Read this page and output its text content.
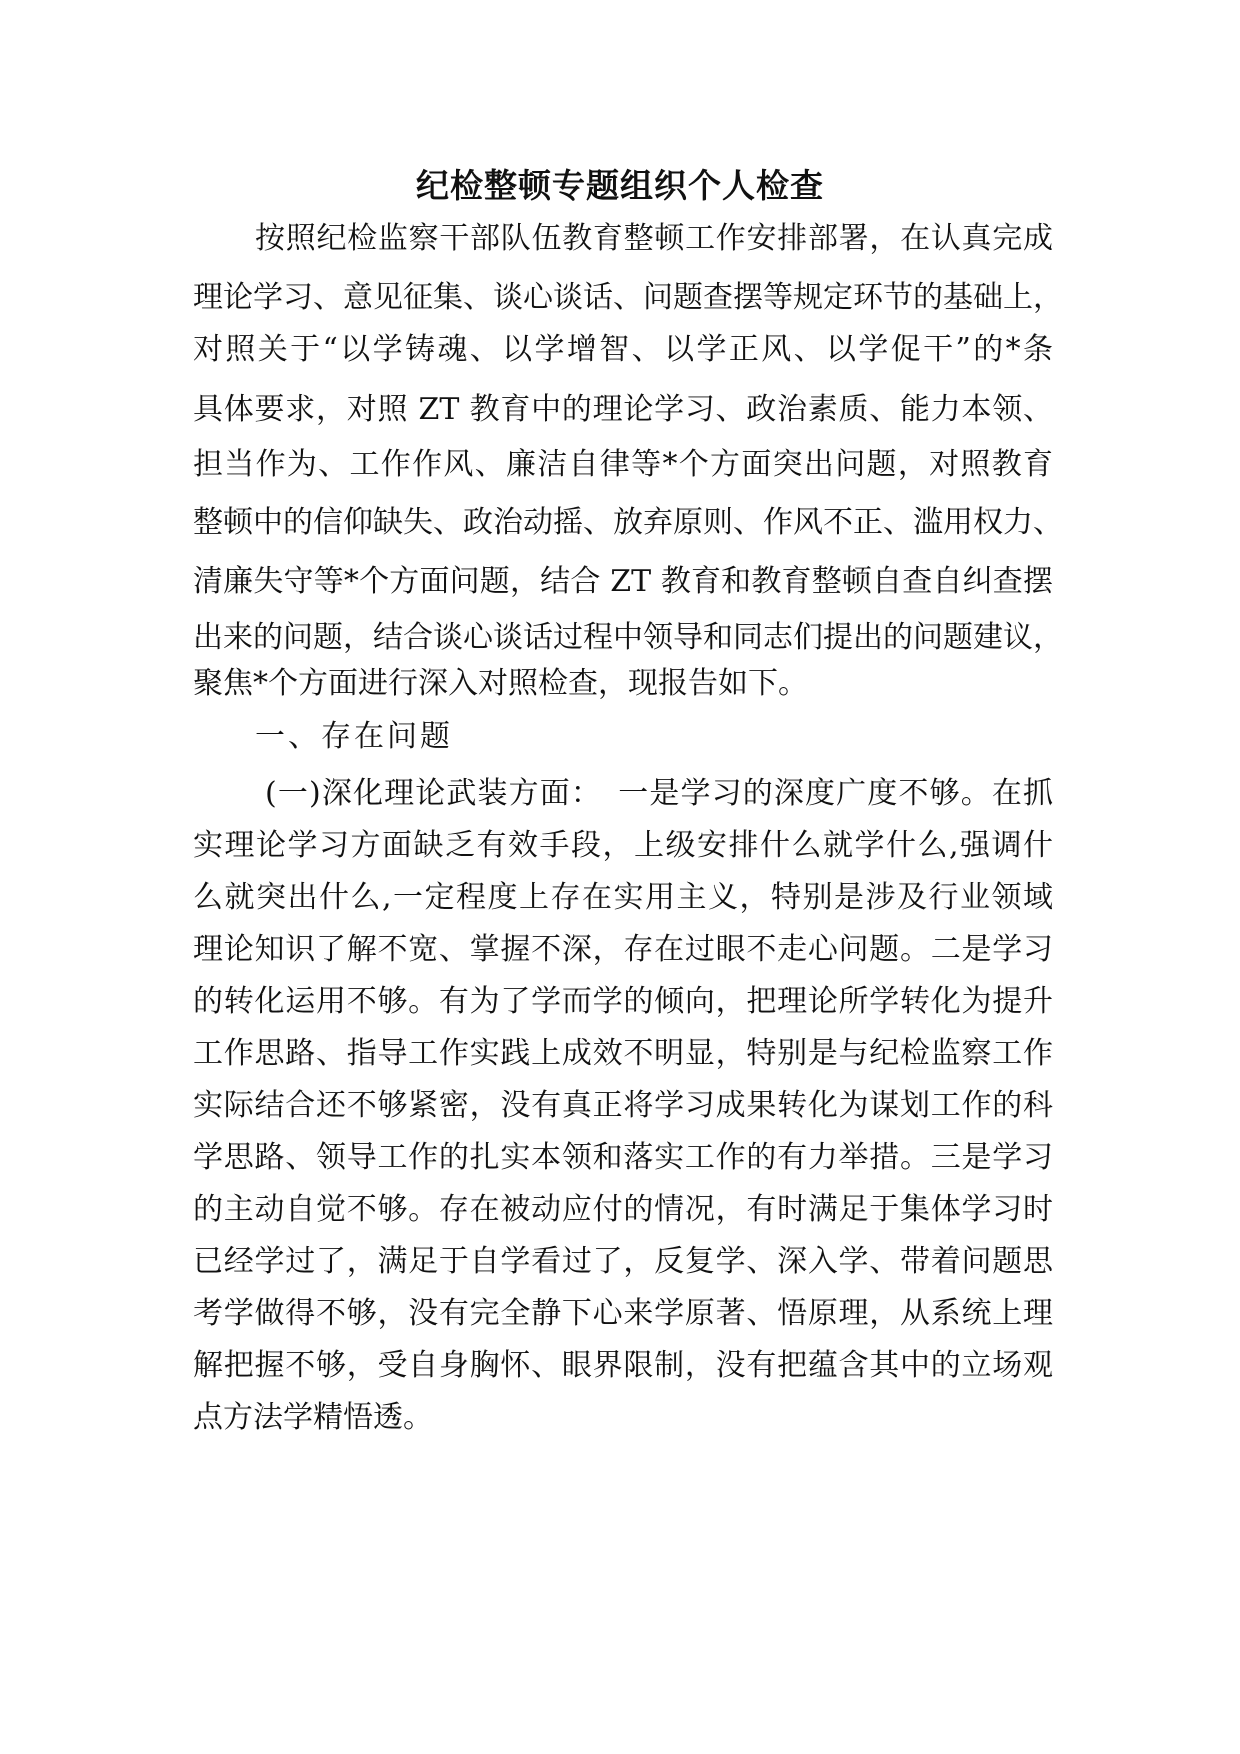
纪检整顿专题组织个人检查
按照纪检监察干部队伍教育整顿工作安排部署，在认真完成
理论学习、意见征集、谈心谈话、问题查摆等规定环节的基础上，
对照关于“以学铸魂、以学增智、以学正风、以学促干”的*条
具体要求，对照 ZT 教育中的理论学习、政治素质、能力本领、
担当作为、工作作风、廉洁自律等*个方面突出问题，对照教育
整顿中的信仰缺失、政治动摇、放弃原则、作风不正、滥用权力、
清廉失守等*个方面问题，结合 ZT 教育和教育整顿自查自纠查摆
出来的问题，结合谈心谈话过程中领导和同志们提出的问题建议，
聚焦*个方面进行深入对照检查，现报告如下。
一、存在问题
(一)深化理论武装方面：　一是学习的深度广度不够。在抓
实理论学习方面缺乏有效手段，上级安排什么就学什么,强调什
么就突出什么,一定程度上存在实用主义，特别是涉及行业领域
理论知识了解不宽、掌握不深，存在过眼不走心问题。二是学习
的转化运用不够。有为了学而学的倾向，把理论所学转化为提升
工作思路、指导工作实践上成效不明显，特别是与纪检监察工作
实际结合还不够紧密，没有真正将学习成果转化为谋划工作的科
学思路、领导工作的扎实本领和落实工作的有力举措。三是学习
的主动自觉不够。存在被动应付的情况，有时满足于集体学习时
已经学过了，满足于自学看过了，反复学、深入学、带着问题思
考学做得不够，没有完全静下心来学原著、悟原理，从系统上理
解把握不够，受自身胸怀、眼界限制，没有把蕴含其中的立场观
点方法学精悟透。
